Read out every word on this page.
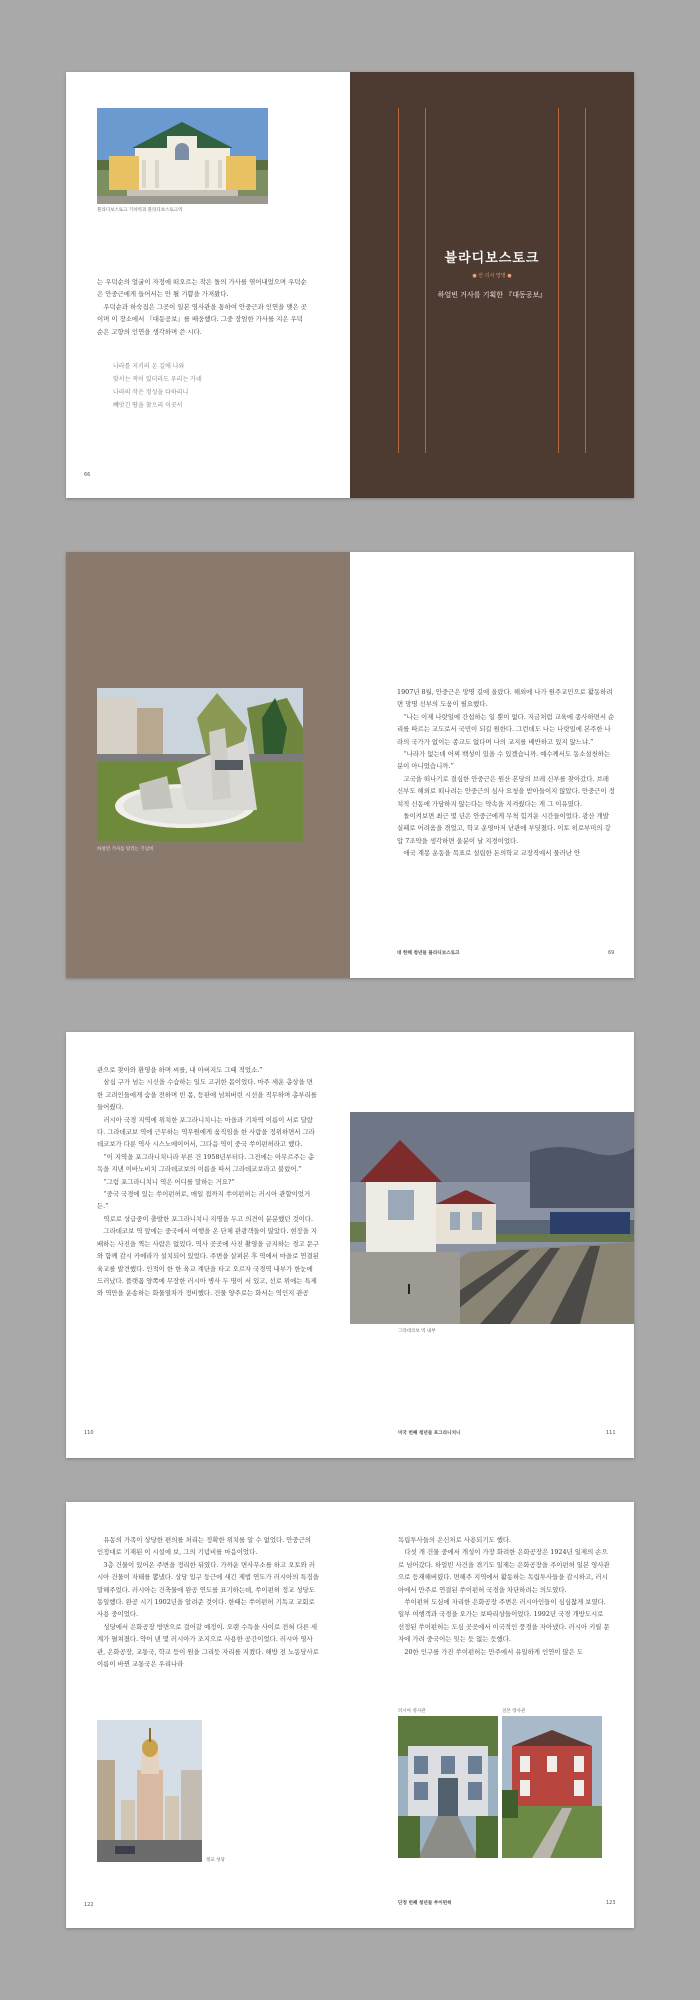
블라디보스토크 기차역과 블라디보스토크역

는 우덕순의 얼굴이 자정에 떠오르는 작은 돌의 가사를 엮어내었으며 우덕순은 안중근에게 들어서는 안 될 기쁨을 가져왔다.

우덕순과 하숙집은 그곳이 일본 영사관을 통하여 안중근과 인연을 맺은 곳이며 이 장소에서 『대동공보』를 배웅했다. 그중 장엄한 가사를 지은 우덕순은 고향의 인연을 생각하며 쓴 시다.

나라를 지키러 온 길에 나와

맞서는 적이 있더라도 우리는 가네

나라의 작은 정성을 다하리니

빼앗긴 땅을 찾으리 이곳서

66
블라디보스토크
● 안 의사 망명 ●
하얼빈 거사를 기획한 『대동공보』
하얼빈 거사를 알리는 기념비

1907년 8월, 안중근은 망명 길에 올랐다. 해외에 나가 원주교민으로 활동하려면 망명 신부의 도움이 필요했다.

“나는 이제 나랏일에 간섭하는 일 뿐이 없다. 지금처럼 교육에 종사하면서 순리를 따르는 교도로서 국민이 되길 원한다. 그런데도 나는 나랏일에 본주한 나라의 국가가 없이는 종교도 없다며 나의 교지를 배반하고 있지 않느냐.”

“나라가 없는데 어찌 백성이 있을 수 있겠습니까. 예수께서도 동소설천하는 분이 아니었습니까.”

고국을 떠나기로 결심한 안중근은 원산 본당의 브레 신부를 찾아갔다. 브레 신부도 해외로 떠나려는 안중근의 심사 요청을 받아들이지 않았다. 안중근이 정치적 신동에 가담하지 않는다는 약속을 지켜줬다는 게 그 이유였다.

돌이켜보면 최근 몇 년은 안중근에게 무척 힘겨운 시간들이었다. 광산 개발 실패로 어려움을 겪었고, 학교 운영마저 난관에 부딪쳤다. 이토 히로부미의 강압 7조약을 생각하면 울분이 날 지경이었다.

애국 계몽 운동을 목표로 설립한 돈의학교 교장직에서 물러난 안

대 한해 청년들 블라디보스토크	69

관으로 찾아와 환영을 하며 씨를, 내 아버지도 그때 적었소.”

삼십 구가 넘는 시신을 수습하는 일도 고귀한 몸이었다. 마주 세운 총상을 면한 고려인들에게 숨을 전하며 빈 몸, 등판에 넘쳐버린 시선을 직무하며 총부리를 들어줬다.

러시아 국경 지역에 위치한 포그라니치니는 마을과 기차역 이름이 서로 달랐다. 그라데코보 역에 근무하는 역무원에게 움직임을 한 사람을 정위하면서 그라데코보가 다룬 역사 시스노에이어서, 그다음 역이 중국 쑤이펀허라고 했다.

“이 지역을 포그라니치니라 부른 건 1958년부터다. 그전에는 아무르주는 총독을 지낸 이바노비치 그라데코보의 이름을 따서 그라데코보라고 불렀어.”

“그럼 포그라니치니 역은 어디를 말하는 거요?”

“중국 국경에 있는 쑤이펀허로, 매일 접까지 쑤이펀허는 러시아 관할이었거든.”

역로로 상급중이 출발한 포그라니치니 지명을 두고 의견이 분분했던 것이다.

그라데코보 역 앞에는 중국에서 여행을 온 단체 관광객들이 많았다. 현장을 지배하는 사진을 찍는 사람은 없었다. 역사 곳곳에 사진 촬영을 금지하는 경고 문구와 함께 감시 카메라가 설치되어 있었다. 주변을 살펴본 후 역에서 마을로 연결된 육교를 발견했다. 인적이 한 한 육교 계단을 타고 오르자 국경역 내부가 한눈에 드러났다. 플랫폼 양쪽에 무장한 러시아 병사 두 명이 서 있고, 선로 위에는 특제와 역만을 운송하는 화물열차가 정비했다. 건물 양주로는 화서는 역인지 관공

110
그라데코보 역 내부
미국 번째 청년들 포그라니치니	111

유동의 가족이 상당한 편의를 처리는 정확한 위치를 알 수 없었다. 안중근의 인정대로 기재된 이 시설에 보, 그의 기념비를 마음이었다.

3층 건물이 있어온 주변을 정리한 뒤였다. 가까운 면사무소를 하고 오토와 러시아 건물이 자태를 뽐냈다. 상당 입구 둥근에 새긴 제법 연도가 러시아의 특징을 말해주었다. 러시아는 건축물에 완공 연도를 표기하는데, 쑤이펀허 정교 성당도 동일했다. 완공 시기 1902년을 알려준 것이다. 한때는 쑤이펀허 기독교 교회로 사용 중이었다.

성당에서 은화공장 방면으로 걸어갈 예정이. 오랜 수득을 사이로 전혀 다른 세계가 펼쳐졌다. 약어 낸 몇 러시아가 조지으로 사용한 공간이었다. 러시아 영사관, 은화공장, 교통국, 학교 등이 원을 그리듯 자리를 지켰다. 해방 전 노동당사로 이름이 바뀐 교통국은 우리나라

정교 성당
122

독립투사들의 은신처로 사용되기도 했다.

다섯 개 건물 중에서 개성이 가장 화려한 은화공장은 1924년 일제의 손으로 넘어갔다. 하얼빈 사건을 겪기도 일제는 은화공장을 주이펀허 일본 영사관으로 등재해버렸다. 면해주 지역에서 활동하는 독립투사들을 감시하고, 러시아에서 만주로 연결된 쑤이펀허 국경을 차단하려는 의도였다.

쑤이펀허 도심에 자리한 은화공장 주변은 러시아인들이 심심찮게 보였다. 일부 여행객과 국경을 오가는 보따리상들이었다. 1992년 국경 개방도시로 선정된 쑤이펀허는 도심 곳곳에서 이국적인 풍경을 자아냈다. 러시아 키릴 문자에 가려 중국어는 잊는 듯 없는 듯했다.

20한 인구를 가진 쑤이펀허는 만주에서 유일하게 인연이 많은 도

러시아 영사관	일본 영사관
단정 번째 청년들 쑤이펀허	123
